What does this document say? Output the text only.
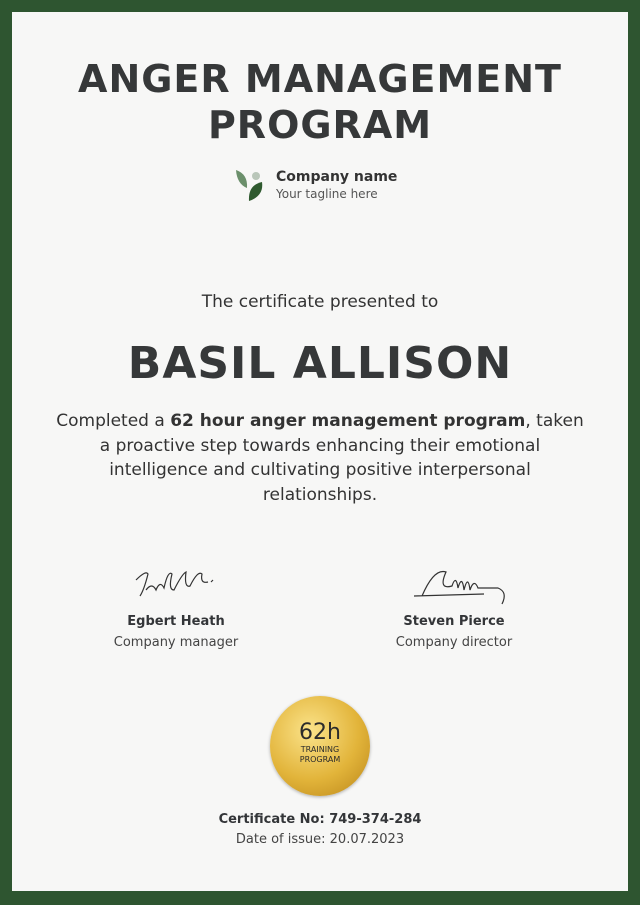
ANGER MANAGEMENT
PROGRAM
Company name
Your tagline here
The certificate presented to
BASIL ALLISON
Completed a 62 hour anger management program, taken a proactive step towards enhancing their emotional intelligence and cultivating positive interpersonal relationships.
Egbert Heath
Company manager
Steven Pierce
Company director
62h
TRAINING
PROGRAM
Certificate No: 749-374-284
Date of issue: 20.07.2023
